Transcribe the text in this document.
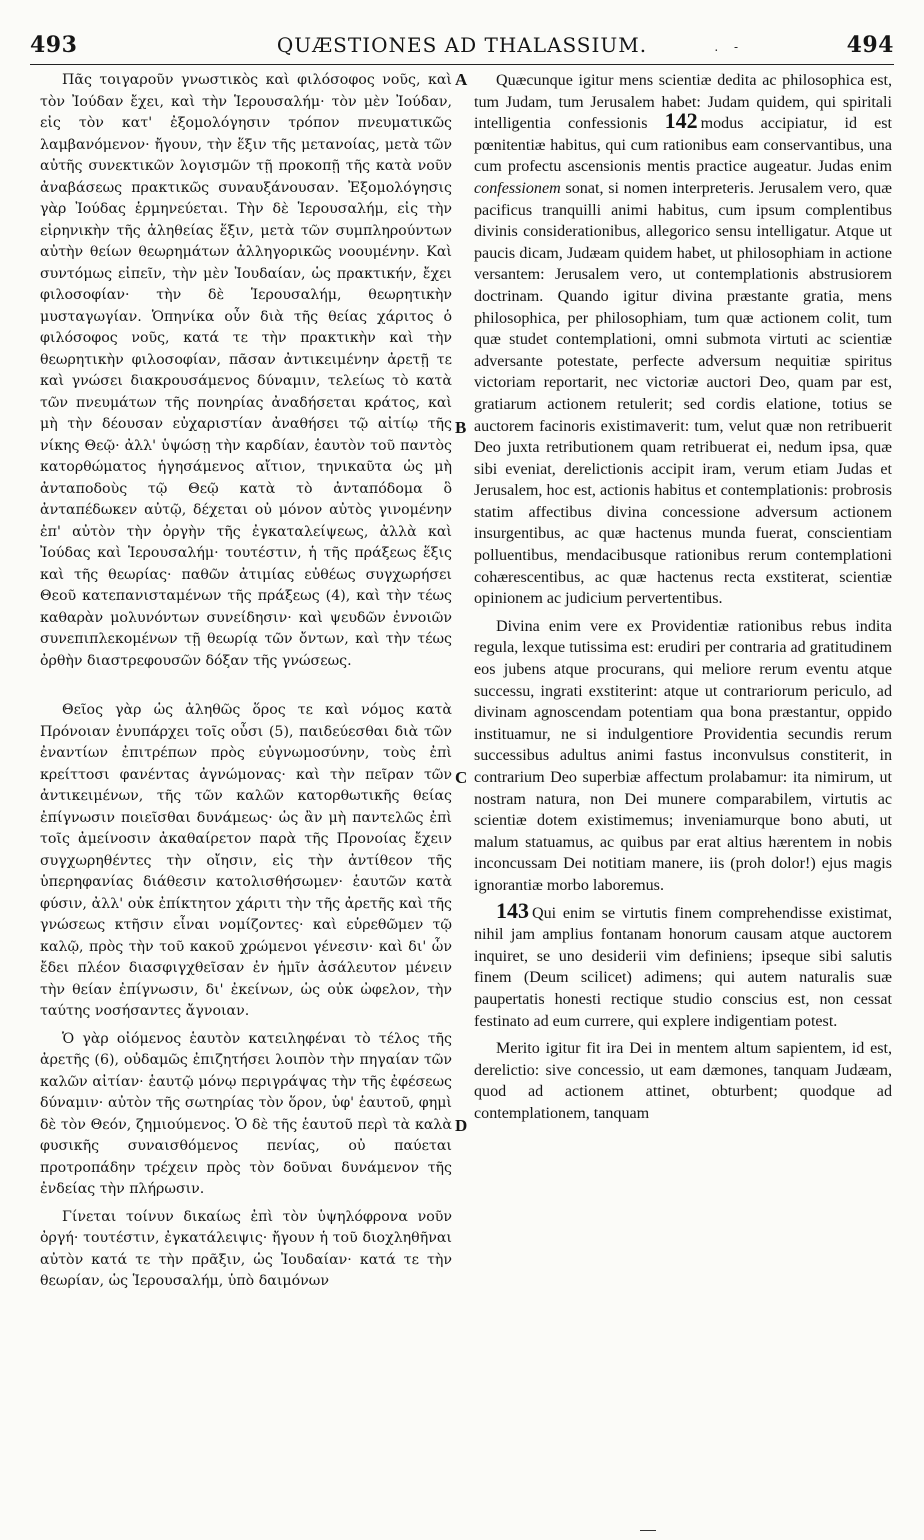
493	QUÆSTIONES AD THALASSIUM.	. -	494
A
B
C
D

Πᾶς τοιγαροῦν γνωστικὸς καὶ φιλόσοφος νοῦς, καὶ τὸν Ἰούδαν ἔχει, καὶ τὴν Ἱερουσαλήμ· τὸν μὲν Ἰούδαν, εἰς τὸν κατ' ἐξομολόγησιν τρόπον πνευματικῶς λαμβανόμενον· ἤγουν, τὴν ἕξιν τῆς μετανοίας, μετὰ τῶν αὐτῆς συνεκτικῶν λογισμῶν τῇ προκοπῇ τῆς κατὰ νοῦν ἀναβάσεως πρακτικῶς συναυξάνουσαν. Ἐξομολόγησις γὰρ Ἰούδας ἑρμηνεύεται. Τὴν δὲ Ἱερουσαλήμ, εἰς τὴν εἰρηνικὴν τῆς ἀληθείας ἕξιν, μετὰ τῶν συμπληρούντων αὐτὴν θείων θεωρημάτων ἀλληγορικῶς νοουμένην. Καὶ συντόμως εἰπεῖν, τὴν μὲν Ἰουδαίαν, ὡς πρακτικήν, ἔχει φιλοσοφίαν· τὴν δὲ Ἱερουσαλήμ, θεωρητικὴν μυσταγωγίαν. Ὁπηνίκα οὖν διὰ τῆς θείας χάριτος ὁ φιλόσοφος νοῦς, κατά τε τὴν πρακτικὴν καὶ τὴν θεωρητικὴν φιλοσοφίαν, πᾶσαν ἀντικειμένην ἀρετῇ τε καὶ γνώσει διακρουσάμενος δύναμιν, τελείως τὸ κατὰ τῶν πνευμάτων τῆς πονηρίας ἀναδήσεται κράτος, καὶ μὴ τὴν δέουσαν εὐχαριστίαν ἀναθήσει τῷ αἰτίῳ τῆς νίκης Θεῷ· ἀλλ' ὑψώσῃ τὴν καρδίαν, ἑαυτὸν τοῦ παντὸς κατορθώματος ἡγησάμενος αἴτιον, τηνικαῦτα ὡς μὴ ἀνταποδοὺς τῷ Θεῷ κατὰ τὸ ἀνταπόδομα ὃ ἀνταπέδωκεν αὐτῷ, δέχεται οὐ μόνον αὐτὸς γινομένην ἐπ' αὐτὸν τὴν ὀργὴν τῆς ἐγκαταλείψεως, ἀλλὰ καὶ Ἰούδας καὶ Ἱερουσαλήμ· τουτέστιν, ἡ τῆς πράξεως ἕξις καὶ τῆς θεωρίας· παθῶν ἀτιμίας εὐθέως συγχωρήσει Θεοῦ κατεπανισταμένων τῆς πράξεως (4), καὶ τὴν τέως καθαρὰν μολυνόντων συνείδησιν· καὶ ψευδῶν ἐννοιῶν συνεπιπλεκομένων τῇ θεωρίᾳ τῶν ὄντων, καὶ τὴν τέως ὀρθὴν διαστρεφουσῶν δόξαν τῆς γνώσεως.

Θεῖος γὰρ ὡς ἀληθῶς ὅρος τε καὶ νόμος κατὰ Πρόνοιαν ἐνυπάρχει τοῖς οὖσι (5), παιδεύεσθαι διὰ τῶν ἐναντίων ἐπιτρέπων πρὸς εὐγνωμοσύνην, τοὺς ἐπὶ κρείττοσι φανέντας ἀγνώμονας· καὶ τὴν πεῖραν τῶν ἀντικειμένων, τῆς τῶν καλῶν κατορθωτικῆς θείας ἐπίγνωσιν ποιεῖσθαι δυνάμεως· ὡς ἂν μὴ παντελῶς ἐπὶ τοῖς ἀμείνοσιν ἀκαθαίρετον παρὰ τῆς Προνοίας ἔχειν συγχωρηθέντες τὴν οἴησιν, εἰς τὴν ἀντίθεον τῆς ὑπερηφανίας διάθεσιν κατολισθήσωμεν· ἑαυτῶν κατὰ φύσιν, ἀλλ' οὐκ ἐπίκτητον χάριτι τὴν τῆς ἀρετῆς καὶ τῆς γνώσεως κτῆσιν εἶναι νομίζοντες· καὶ εὑρεθῶμεν τῷ καλῷ, πρὸς τὴν τοῦ κακοῦ χρώμενοι γένεσιν· καὶ δι' ὧν ἔδει πλέον διασφιγχθεῖσαν ἐν ἡμῖν ἀσάλευτον μένειν τὴν θείαν ἐπίγνωσιν, δι' ἐκείνων, ὡς οὐκ ὠφελον, τὴν ταύτης νοσήσαντες ἄγνοιαν.

Ὁ γὰρ οἰόμενος ἑαυτὸν κατειληφέναι τὸ τέλος τῆς ἀρετῆς (6), οὐδαμῶς ἐπιζητήσει λοιπὸν τὴν πηγαίαν τῶν καλῶν αἰτίαν· ἑαυτῷ μόνῳ περιγράψας τὴν τῆς ἐφέσεως δύναμιν· αὐτὸν τῆς σωτηρίας τὸν ὅρον, ὑφ' ἑαυτοῦ, φημὶ δὲ τὸν Θεόν, ζημιούμενος. Ὁ δὲ τῆς ἑαυτοῦ περὶ τὰ καλὰ φυσικῆς συναισθόμενος πενίας, οὐ παύεται προτροπάδην τρέχειν πρὸς τὸν δοῦναι δυνάμενον τῆς ἐνδείας τὴν πλήρωσιν.

Γίνεται τοίνυν δικαίως ἐπὶ τὸν ὑψηλόφρονα νοῦν ὀργή· τουτέστιν, ἐγκατάλειψις· ἤγουν ἡ τοῦ διοχληθῆναι αὐτὸν κατά τε τὴν πρᾶξιν, ὡς Ἰουδαίαν· κατά τε τὴν θεωρίαν, ὡς Ἱερουσαλήμ, ὑπὸ δαιμόνων

Quæcunque igitur mens scientiæ dedita ac philosophica est, tum Judam, tum Jerusalem habet: Judam quidem, qui spiritali intelligentia confessionis 142 modus accipiatur, id est pœnitentiæ habitus, qui cum rationibus eam conservantibus, una cum profectu ascensionis mentis practice augeatur. Judas enim confessionem sonat, si nomen interpreteris. Jerusalem vero, quæ pacificus tranquilli animi habitus, cum ipsum complentibus divinis considerationibus, allegorico sensu intelligatur. Atque ut paucis dicam, Judæam quidem habet, ut philosophiam in actione versantem: Jerusalem vero, ut contemplationis abstrusiorem doctrinam. Quando igitur divina præstante gratia, mens philosophica, per philosophiam, tum quæ actionem colit, tum quæ studet contemplationi, omni submota virtuti ac scientiæ adversante potestate, perfecte adversum nequitiæ spiritus victoriam reportarit, nec victoriæ auctori Deo, quam par est, gratiarum actionem retulerit; sed cordis elatione, totius se auctorem facinoris existimaverit: tum, velut quæ non retribuerit Deo juxta retributionem quam retribuerat ei, nedum ipsa, quæ sibi eveniat, derelictionis accipit iram, verum etiam Judas et Jerusalem, hoc est, actionis habitus et contemplationis: probrosis statim affectibus divina concessione adversum actionem insurgentibus, ac quæ hactenus munda fuerat, conscientiam polluentibus, mendacibusque rationibus rerum contemplationi cohærescentibus, ac quæ hactenus recta exstiterat, scientiæ opinionem ac judicium pervertentibus.

Divina enim vere ex Providentiæ rationibus rebus indita regula, lexque tutissima est: erudiri per contraria ad gratitudinem eos jubens atque procurans, qui meliore rerum eventu atque successu, ingrati exstiterint: atque ut contrariorum periculo, ad divinam agnoscendam potentiam qua bona præstantur, oppido instituamur, ne si indulgentiore Providentia secundis rerum successibus adultus animi fastus inconvulsus constiterit, in contrarium Deo superbiæ affectum prolabamur: ita nimirum, ut nostram natura, non Dei munere comparabilem, virtutis ac scientiæ dotem existimemus; inveniamurque bono abuti, ut malum statuamus, ac quibus par erat altius hærentem in nobis inconcussam Dei notitiam manere, iis (proh dolor!) ejus magis ignorantiæ morbo laboremus.

143 Qui enim se virtutis finem comprehendisse existimat, nihil jam amplius fontanam honorum causam atque auctorem inquiret, se uno desiderii vim definiens; ipseque sibi salutis finem (Deum scilicet) adimens; qui autem naturalis suæ paupertatis honesti rectique studio conscius est, non cessat festinato ad eum currere, qui explere indigentiam potest.

Merito igitur fit ira Dei in mentem altum sapientem, id est, derelictio: sive concessio, ut eam dæmones, tanquam Judæam, quod ad actionem attinet, obturbent; quodque ad contemplationem, tanquam
